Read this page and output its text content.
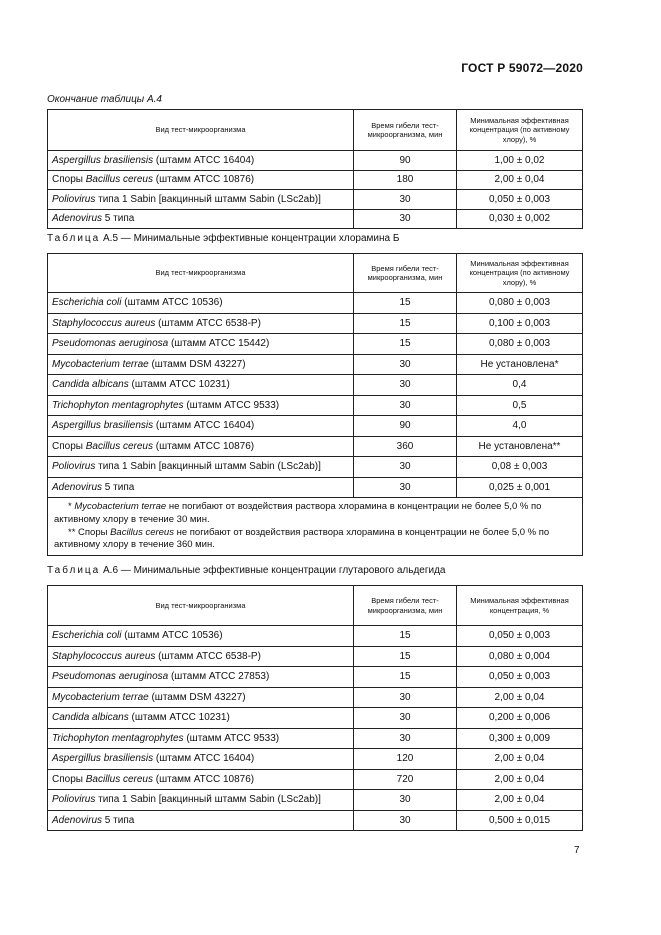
ГОСТ Р 59072—2020
Окончание таблицы А.4
Вид тест-микроорганизма	Время гибели тест-микроорганизма, мин	Минимальная эффективная концентрация (по активному хлору), %
Aspergillus brasiliensis (штамм ATCC 16404)	90	1,00 ± 0,02
Споры Bacillus cereus (штамм ATCC 10876)	180	2,00 ± 0,04
Poliovirus типа 1 Sabin [вакцинный штамм Sabin (LSc2ab)]	30	0,050 ± 0,003
Adenovirus 5 типа	30	0,030 ± 0,002
Таблица А.5 — Минимальные эффективные концентрации хлорамина Б
Вид тест-микроорганизма	Время гибели тест-микроорганизма, мин	Минимальная эффективная концентрация (по активному хлору), %
Escherichia coli (штамм ATCC 10536)	15	0,080 ± 0,003
Staphylococcus aureus (штамм ATCC 6538-P)	15	0,100 ± 0,003
Pseudomonas aeruginosa (штамм ATCC 15442)	15	0,080 ± 0,003
Mycobacterium terrae (штамм DSM 43227)	30	Не установлена*
Candida albicans (штамм ATCC 10231)	30	0,4
Trichophyton mentagrophytes (штамм ATCC 9533)	30	0,5
Aspergillus brasiliensis (штамм ATCC 16404)	90	4,0
Споры Bacillus cereus (штамм ATCC 10876)	360	Не установлена**
Poliovirus типа 1 Sabin [вакцинный штамм Sabin (LSc2ab)]	30	0,08 ± 0,003
Adenovirus 5 типа	30	0,025 ± 0,001

* Mycobacterium terrae не погибают от воздействия раствора хлорамина в концентрации не более 5,0 % по активному хлору в течение 30 мин.

** Споры Bacillus cereus не погибают от воздействия раствора хлорамина в концентрации не более 5,0 % по активному хлору в течение 360 мин.		

Таблица А.6 — Минимальные эффективные концентрации глутарового альдегида
Вид тест-микроорганизма	Время гибели тест-микроорганизма, мин	Минимальная эффективная концентрация, %
Escherichia coli (штамм ATCC 10536)	15	0,050 ± 0,003
Staphylococcus aureus (штамм ATCC 6538-P)	15	0,080 ± 0,004
Pseudomonas aeruginosa (штамм ATCC 27853)	15	0,050 ± 0,003
Mycobacterium terrae (штамм DSM 43227)	30	2,00 ± 0,04
Candida albicans (штамм ATCC 10231)	30	0,200 ± 0,006
Trichophyton mentagrophytes (штамм ATCC 9533)	30	0,300 ± 0,009
Aspergillus brasiliensis (штамм ATCC 16404)	120	2,00 ± 0,04
Споры Bacillus cereus (штамм ATCC 10876)	720	2,00 ± 0,04
Poliovirus типа 1 Sabin [вакцинный штамм Sabin (LSc2ab)]	30	2,00 ± 0,04
Adenovirus 5 типа	30	0,500 ± 0,015
7
